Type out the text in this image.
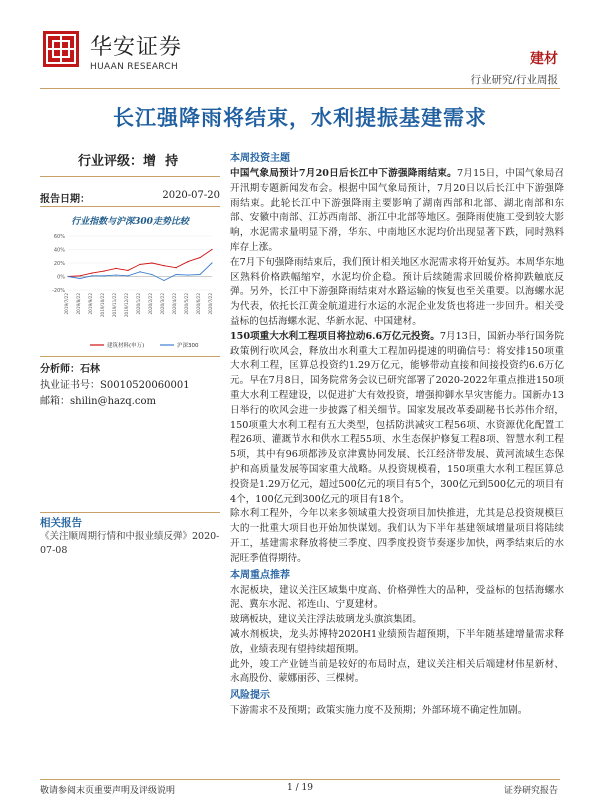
华安证券
HUAAN RESEARCH	建材
行业研究/行业周报
长江强降雨将结束，水利提振基建需求
行业评级：增  持
报告日期：	2020-07-20
行业指数与沪深300走势比较
60%
40%
20%
0%
-20%
2019/7/22 2019/8/22 2019/9/22 2019/10/22 2019/11/22 2019/12/22 2020/1/22 2020/2/22 2020/3/22 2020/4/22 2020/5/22 2020/6/22 2020/7/22
建筑材料(申万)	沪深300
分析师：石林
执业证书号：S0010520060001
邮箱：shilin@hazq.com
相关报告
《关注顺周期行情和中报业绩反弹》2020-07-08
本周投资主题

中国气象局预计7月20日后长江中下游强降雨结束。7月15日，中国气象局召开汛期专题新闻发布会。根据中国气象局预计，7月20日以后长江中下游强降雨结束。此轮长江中下游强降雨主要影响了湖南西部和北部、湖北南部和东部、安徽中南部、江苏西南部、浙江中北部等地区。强降雨使施工受到较大影响，水泥需求量明显下滑，华东、中南地区水泥均价出现显著下跌，同时熟料库存上涨。

在7月下旬强降雨结束后，我们预计相关地区水泥需求将开始复苏。本周华东地区熟料价格跌幅缩窄，水泥均价企稳。预计后续随需求回暖价格抑跌触底反弹。另外，长江中下游强降雨结束对水路运输的恢复也至关重要。以海螺水泥为代表，依托长江黄金航道进行水运的水泥企业发货也将进一步回升。相关受益标的包括海螺水泥、华新水泥、中国建材。

150项重大水利工程项目将拉动6.6万亿元投资。7月13日，国新办举行国务院政策例行吹风会，释放出水利重大工程加码提速的明确信号：将安排150项重大水利工程，匡算总投资约1.29万亿元，能够带动直接和间接投资约6.6万亿元。早在7月8日，国务院常务会议已研究部署了2020-2022年重点推进150项重大水利工程建设，以促进扩大有效投资，增强抑御水旱灾害能力。国新办13日举行的吹风会进一步披露了相关细节。国家发展改革委副秘书长苏伟介绍，150项重大水利工程有五大类型，包括防洪减灾工程56项、水资源优化配置工程26项、灌溉节水和供水工程55项、水生态保护修复工程8项、智慧水利工程5项，其中有96项都涉及京津冀协同发展、长江经济带发展、黄河流域生态保护和高质量发展等国家重大战略。从投资规模看，150项重大水利工程匡算总投资是1.29万亿元，超过500亿元的项目有5个，300亿元到500亿元的项目有4个，100亿元到300亿元的项目有18个。

除水利工程外，今年以来多领域重大投资项目加快推进，尤其是总投资规模巨大的一批重大项目也开始加快谋划。我们认为下半年基建领域增量项目将陆续开工，基建需求释放将使三季度、四季度投资节奏逐步加快，两季结束后的水泥旺季值得期待。

本周重点推荐

水泥板块，建议关注区域集中度高、价格弹性大的品种，受益标的包括海螺水泥、冀东水泥、祁连山、宁夏建材。

玻璃板块，建议关注浮法玻璃龙头旗滨集团。

减水剂板块，龙头苏博特2020H1业绩预告超预期，下半年随基建增量需求释放，业绩表现有望持续超预期。

此外，竣工产业链当前是较好的布局时点，建议关注相关后端建材伟星新材、永高股份、蒙娜丽莎、三棵树。

风险提示

下游需求不及预期；政策实施力度不及预期；外部环境不确定性加剧。

敬请参阅末页重要声明及评级说明	1 / 19	证券研究报告
